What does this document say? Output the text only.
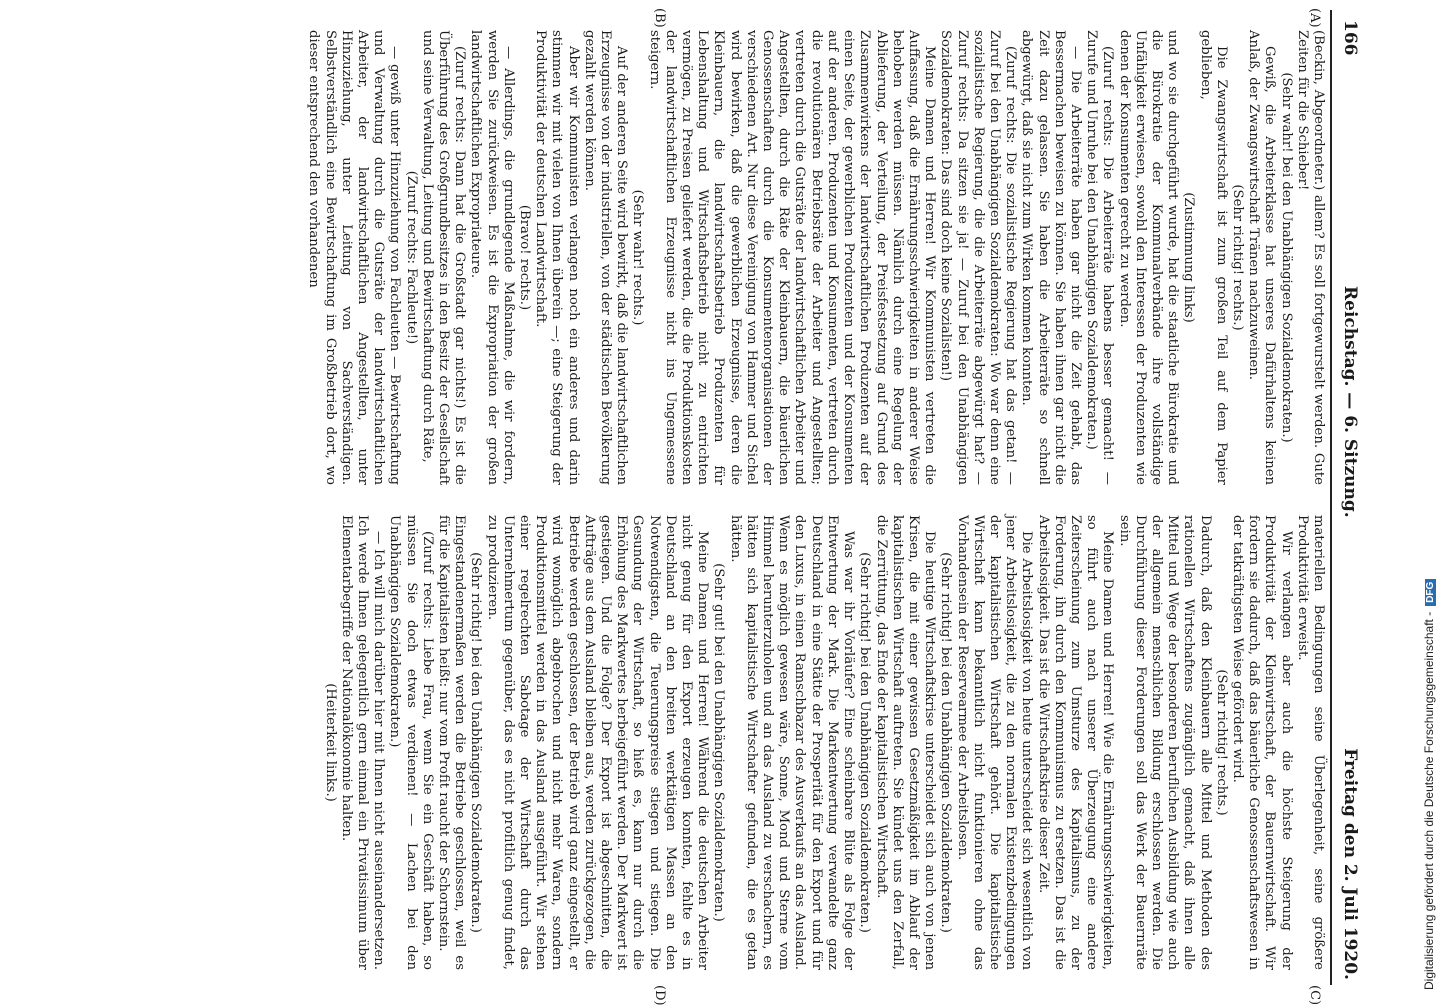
166
Reichstag. — 6. Sitzung.
Freitag den 2. Juli 1920.
(A)
(B)
(C)
(D)

(Beckin, Abgeordneter.) allem? Es soll fortgewurstelt werden. Gute Zeiten für die Schieber!

(Sehr wahr! bei den Unabhängigen Sozialdemokraten.)

Gewiß, die Arbeiterklasse hat unseres Dafürhaltens keinen Anlaß, der Zwangswirtschaft Tränen nachzuweinen.

(Sehr richtig! rechts.)

Die Zwangswirtschaft ist zum großen Teil auf dem Papier geblieben,

(Zustimmung links)

und wo sie durchgeführt wurde, hat die staatliche Bürokratie und die Bürokratie der Kommunalverbände ihre vollständige Unfähigkeit erwiesen, sowohl den Interessen der Produzenten wie denen der Konsumenten gerecht zu werden.

(Zuruf rechts: Die Arbeiterräte habens besser gemacht! — Zurufe und Unruhe bei den Unabhängigen Sozialdemokraten.)

— Die Arbeiterräte haben gar nicht die Zeit gehabt, das Bessermachen beweisen zu können. Sie haben ihnen gar nicht die Zeit dazu gelassen. Sie haben die Arbeiterräte so schnell abgewürgt, daß sie nicht zum Wirken kommen konnten.

(Zuruf rechts: Die sozialistische Regierung hat das getan! — Zuruf bei den Unabhängigen Sozialdemokraten: Wo war denn eine sozialistische Regierung, die die Arbeiterräte abgewürgt hat? — Zuruf rechts: Da sitzen sie ja! — Zuruf bei den Unabhängigen Sozialdemokraten: Das sind doch keine Sozialisten!)

Meine Damen und Herren! Wir Kommunisten vertreten die Auffassung, daß die Ernährungsschwierigkeiten in anderer Weise behoben werden müssen. Nämlich durch eine Regelung der Ablieferung, der Verteilung, der Preisfestsetzung auf Grund des Zusammenwirkens der landwirtschaftlichen Produzenten auf der einen Seite, der gewerblichen Produzenten und der Konsumenten auf der anderen. Produzenten und Konsumenten, vertreten durch die revolutionären Betriebsräte der Arbeiter und Angestellten; vertreten durch die Gutsräte der landwirtschaftlichen Arbeiter und Angestellten, durch die Räte der Kleinbauern, die bäuerlichen Genossenschaften durch die Konsumentenorganisationen der verschiedenen Art. Nur diese Vereinigung von Hammer und Sichel wird bewirken, daß die gewerblichen Erzeugnisse, deren die Kleinbauern, die landwirtschaftsbetrieb Produzenten für Lebenshaltung und Wirtschaftsbetrieb nicht zu entrichten vermögen, zu Preisen geliefert werden, die die Produktionskosten der landwirtschaftlichen Erzeugnisse nicht ins Ungemessene steigern.

(Sehr wahr! rechts.)

Auf der anderen Seite wird bewirkt, daß die landwirtschaftlichen Erzeugnisse von der industriellen, von der städtischen Bevölkerung gezahlt werden können.

Aber wir Kommunisten verlangen noch ein anderes und darin stimmen wir mit vielen von Ihnen überein —; eine Steigerung der Produktivität der deutschen Landwirtschaft.

(Bravo! rechts.)

— Allerdings, die grundlegende Maßnahme, die wir fordern, werden Sie zurückweisen. Es ist die Expropriation der großen landwirtschaftlichen Expropriateure.

(Zuruf rechts: Dann hat die Großstadt gar nichts!) Es ist die Überführung des Großgrundbesitzes in den Besitz der Gesellschaft und seine Verwaltung, Leitung und Bewirtschaftung durch Räte,

(Zuruf rechts: Fachleute!)

— gewiß unter Hinzuziehung von Fachleuten — Bewirtschaftung und Verwaltung durch die Gutsräte der landwirtschaftlichen Arbeiter, der landwirtschaftlichen Angestellten, unter Hinzuziehung, unter Leitung von Sachverständigen. Selbstverständlich eine Bewirtschaftung im Großbetrieb dort, wo dieser entsprechend den vorhandenen

materiellen Bedingungen seine Überlegenheit, seine größere Produktivität erweist.

Wir verlangen aber auch die höchste Steigerung der Produktivität der Kleinwirtschaft, der Bauernwirtschaft. Wir fordern sie dadurch, daß das bäuerliche Genossenschaftswesen in der tatkräftigsten Weise gefördert wird.

(Sehr richtig! rechts.)

Dadurch, daß den Kleinbauern alle Mittel und Methoden des rationellen Wirtschaftens zugänglich gemacht, daß ihnen alle Mittel und Wege der besonderen beruflichen Ausbildung wie auch der allgemein menschlichen Bildung erschlossen werden. Die Durchführung dieser Forderungen soll das Werk der Bauernräte sein.

Meine Damen und Herren! Wie die Ernährungsschwierigkeiten, so führt auch nach unserer Überzeugung eine andere Zeiterscheinung zum Umsturze des Kapitalismus, zu der Forderung, ihn durch den Kommunismus zu ersetzen. Das ist die Arbeitslosigkeit. Das ist die Wirtschaftskrise dieser Zeit.

Die Arbeitslosigkeit von heute unterscheidet sich wesentlich von jener Arbeitslosigkeit, die zu den normalen Existenzbedingungen der kapitalistischen Wirtschaft gehört. Die kapitalistische Wirtschaft kann bekanntlich nicht funktionieren ohne das Vorhandensein der Reservearmee der Arbeitslosen.

(Sehr richtig! bei den Unabhängigen Sozialdemokraten.)

Die heutige Wirtschaftskrise unterscheidet sich auch von jenen Krisen, die mit einer gewissen Gesetzmäßigkeit im Ablauf der kapitalistischen Wirtschaft auftreten. Sie kündet uns den Zerfall, die Zerrüttung, das Ende der kapitalistischen Wirtschaft.

(Sehr richtig! bei den Unabhängigen Sozialdemokraten.)

Was war ihr Vorläufer? Eine scheinbare Blüte als Folge der Entwertung der Mark. Die Markentwertung verwandelte ganz Deutschland in eine Stätte der Prosperität für den Export und für den Luxus, in einen Ramschbazar des Ausverkaufs an das Ausland. Wenn es möglich gewesen wäre, Sonne, Mond und Sterne vom Himmel herunterzuholen und an das Ausland zu verschachern, es hätten sich kapitalistische Wirtschafter gefunden, die es getan hätten.

(Sehr gut! bei den Unabhängigen Sozialdemokraten.)

Meine Damen und Herren! Während die deutschen Arbeiter nicht genug für den Export erzeugen konnten, fehlte es in Deutschland an den breiten werktätigen Massen an den Notwendigsten, die Teuerungspreise stiegen und stiegen. Die Gesundung der Wirtschaft, so hieß es, kann nur durch die Erhöhung des Markwertes herbeigeführt werden. Der Markwert ist gestiegen. Und die Folge? Der Export ist abgeschnitten, die Aufträge aus dem Ausland bleiben aus, werden zurückgezogen, die Betriebe werden geschlossen, der Betrieb wird ganz eingestellt, er wird womöglich abgebrochen und nicht mehr Waren, sondern Produktionsmittel werden in das Ausland ausgeführt. Wir stehen einer regelrechten Sabotage der Wirtschaft durch das Unternehmertum gegenüber, das es nicht profitlich genug findet, zu produzieren.

(Sehr richtig! bei den Unabhängigen Sozialdemokraten.)

Eingestandenermaßen werden die Betriebe geschlossen, weil es für die Kapitalisten heißt: nur vom Profit raucht der Schornstein.

(Zuruf rechts: Liebe Frau, wenn Sie ein Geschäft haben, so müssen Sie doch etwas verdienen! — Lachen bei den Unabhängigen Sozialdemokraten.)

— Ich will mich darüber hier mit Ihnen nicht auseinandersetzen. Ich werde Ihnen gelegentlich gern einmal ein Privatissimum über Elementarbegriffe der Nationalökonomie halten.

(Heiterkeit links.)	Digitalisierung gefördert durch die Deutsche Forschungsgemeinschaft -DFG
